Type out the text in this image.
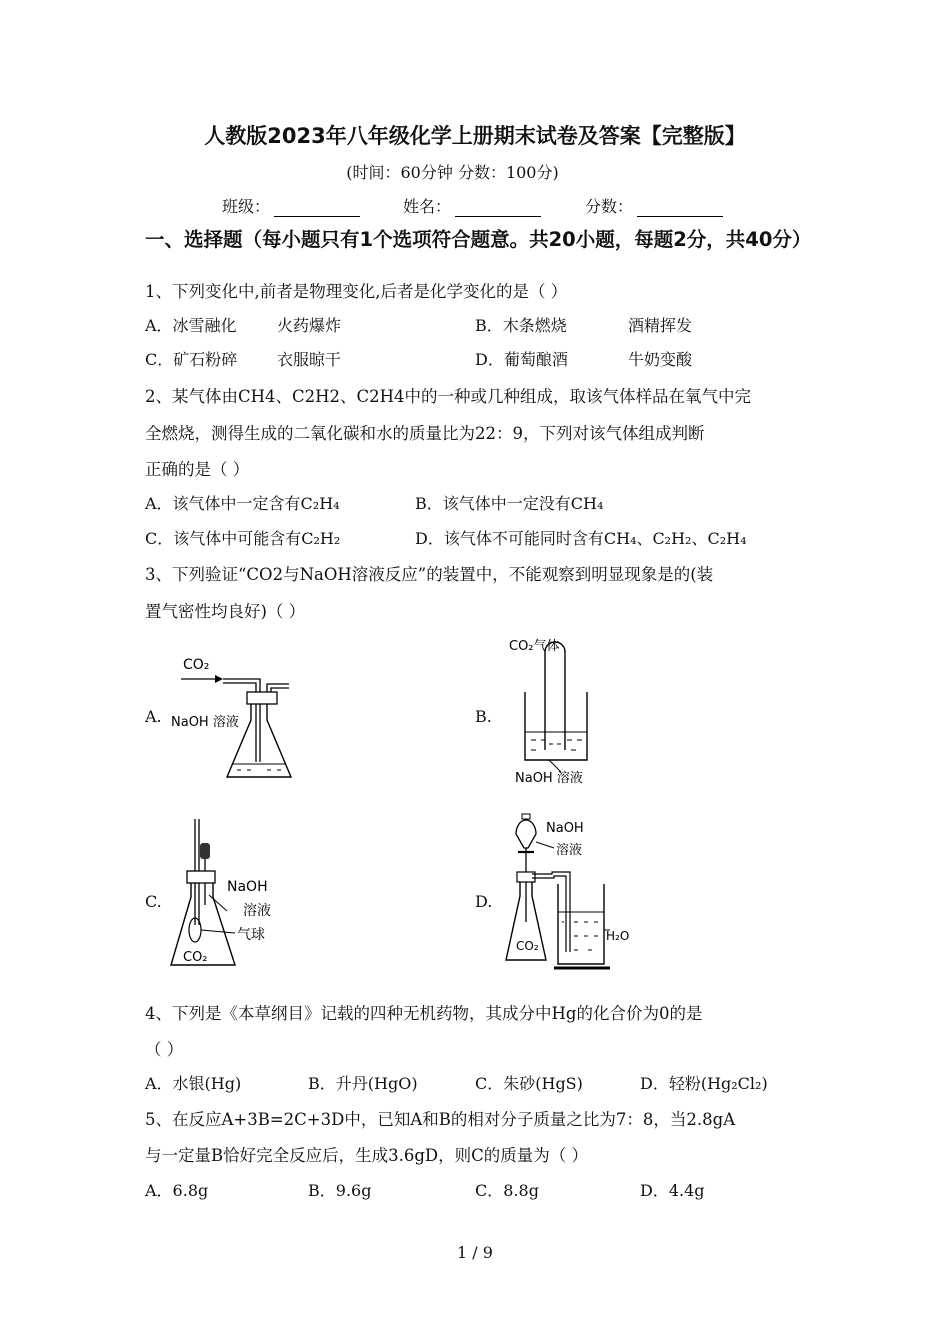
人教版2023年八年级化学上册期末试卷及答案【完整版】
(时间：60分钟 分数：100分)
班级：	姓名：	分数：
一、选择题（每小题只有1个选项符合题意。共20小题，每题2分，共40分）
1、下列变化中,前者是物理变化,后者是化学变化的是（ ）
A．冰雪融化	火药爆炸	B．木条燃烧	酒精挥发
C．矿石粉碎 衣服晾干	D．葡萄酿酒	牛奶变酸
2、某气体由CH4、C2H2、C2H4中的一种或几种组成，取该气体样品在氧气中完
全燃烧，测得生成的二氧化碳和水的质量比为22：9，下列对该气体组成判断
正确的是（ ）
A．该气体中一定含有C₂H₄	B．该气体中一定没有CH₄
C．该气体中可能含有C₂H₂	D．该气体不可能同时含有CH₄、C₂H₂、C₂H₄
3、下列验证“CO2与NaOH溶液反应”的装置中，不能观察到明显现象是的(装
置气密性均良好)（ ）
A.	B.
C.	D.
CO₂
NaOH 溶液
CO₂气体
NaOH 溶液
NaOH
溶液
气球
CO₂
NaOH
溶液
CO₂
H₂O
4、下列是《本草纲目》记载的四种无机药物，其成分中Hg的化合价为0的是
（ ）
A．水银(Hg)	B．升丹(HgO)	C．朱砂(HgS)	D．轻粉(Hg₂Cl₂)
5、在反应A+3B=2C+3D中，已知A和B的相对分子质量之比为7：8，当2.8gA
与一定量B恰好完全反应后，生成3.6gD，则C的质量为（ ）
A．6.8g	B．9.6g	C．8.8g	D．4.4g
1 / 9
